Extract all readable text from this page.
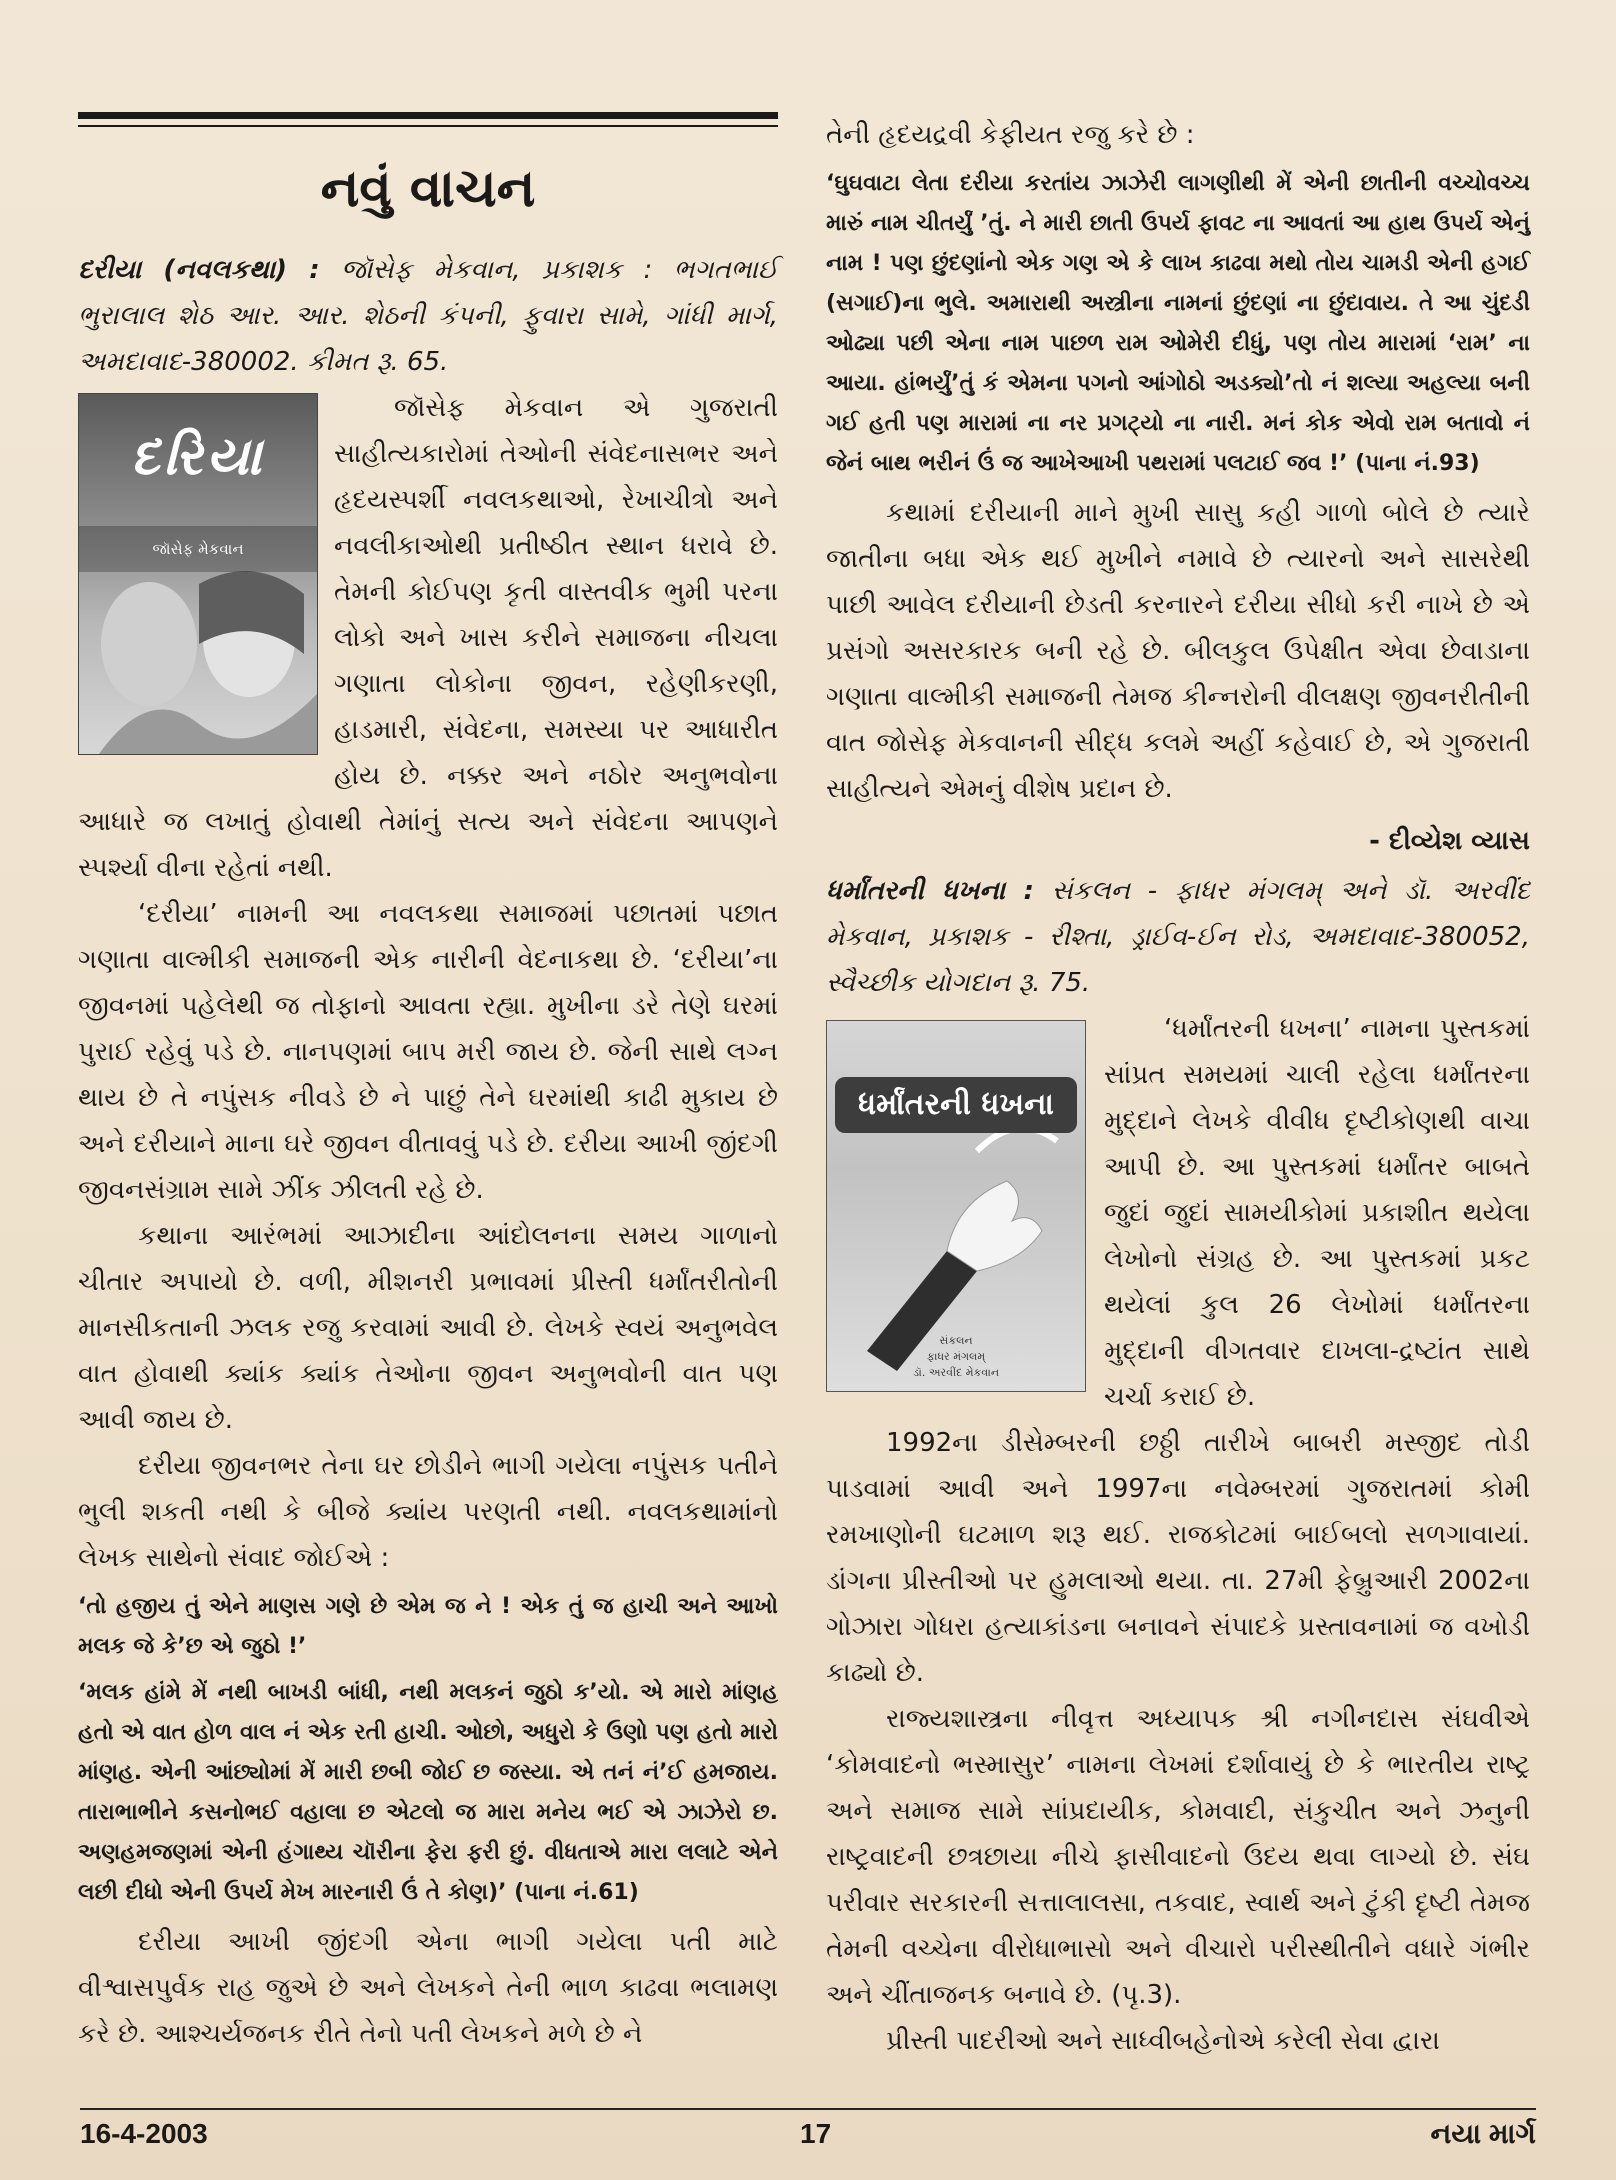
નવું વાચન

દરીયા (નવલકથા) : જૉસેફ મેકવાન, પ્રકાશક : ભગતભાઈ ભુરાલાલ શેઠ આર. આર. શેઠની કંપની, ફુવારા સામે, ગાંધી માર્ગ, અમદાવાદ-380002. કીમત રૂ. 65.

દરિયા
જૉસેફ મેકવાન

જૉસેફ મેકવાન એ ગુજરાતી સાહીત્યકારોમાં તેઓની સંવેદનાસભર અને હૃદયસ્પર્શી નવલકથાઓ, રેખાચીત્રો અને નવલીકાઓથી પ્રતીષ્ઠીત સ્થાન ધરાવે છે. તેમની કોઈપણ કૃતી વાસ્તવીક ભુમી પરના લોકો અને ખાસ કરીને સમાજના નીચલા ગણાતા લોકોના જીવન, રહેણીકરણી, હાડમારી, સંવેદના, સમસ્યા પર આધારીત હોય છે. નક્કર અને નઠોર અનુભવોના આધારે જ લખાતું હોવાથી તેમાંનું સત્ય અને સંવેદના આપણને સ્પર્શ્યા વીના રહેતાં નથી.

‘દરીયા’ નામની આ નવલકથા સમાજમાં પછાતમાં પછાત ગણાતા વાલ્મીકી સમાજની એક નારીની વેદનાકથા છે. ‘દરીયા’ના જીવનમાં પહેલેથી જ તોફાનો આવતા રહ્યા. મુખીના ડરે તેણે ઘરમાં પુરાઈ રહેવું પડે છે. નાનપણમાં બાપ મરી જાય છે. જેની સાથે લગ્ન થાય છે તે નપુંસક નીવડે છે ને પાછું તેને ઘરમાંથી કાઢી મુકાય છે અને દરીયાને માના ઘરે જીવન વીતાવવું પડે છે. દરીયા આખી જીંદગી જીવનસંગ્રામ સામે ઝીંક ઝીલતી રહે છે.

કથાના આરંભમાં આઝાદીના આંદોલનના સમય ગાળાનો ચીતાર અપાયો છે. વળી, મીશનરી પ્રભાવમાં પ્રીસ્તી ધર્માંતરીતોની માનસીકતાની ઝલક રજુ કરવામાં આવી છે. લેખકે સ્વયં અનુભવેલ વાત હોવાથી ક્યાંક ક્યાંક તેઓના જીવન અનુભવોની વાત પણ આવી જાય છે.

દરીયા જીવનભર તેના ઘર છોડીને ભાગી ગયેલા નપુંસક પતીને ભુલી શકતી નથી કે બીજે ક્યાંય પરણતી નથી. નવલકથામાંનો લેખક સાથેનો સંવાદ જોઈએ :

‘તો હજીય તું એને માણસ ગણે છે એમ જ ને ! એક તું જ હાચી અને આખો મલક જે કે’છ એ જુઠો !’

‘મલક હાંમે મેં નથી બાખડી બાંધી, નથી મલકનં જુઠો ક’યો. એ મારો માંણહ હતો એ વાત હોળ વાલ નં એક રતી હાચી. ઓછો, અધુરો કે ઉણો પણ હતો મારો માંણહ. એની આંછ્યોમાં મેં મારી છબી જોઈ છ જસ્યા. એ તનં નં’ઈ હમજાય. તારાભાભીને કસનોભઈ વહાલા છ એટલો જ મારા મનેય ભઈ એ ઝાઝેરો છ. અણહમજણમાં એની હંગાથ્ય ચૉરીના ફેરા ફરી છું. વીધતાએ મારા લલાટે એને લછી દીધો એની ઉપર્ય મેખ મારનારી ઉં તે કોણ)’ (પાના નં.61)

દરીયા આખી જીંદગી એના ભાગી ગયેલા પતી માટે વીશ્વાસપુર્વક રાહ જુએ છે અને લેખકને તેની ભાળ કાઢવા ભલામણ કરે છે. આશ્ચર્યજનક રીતે તેનો પતી લેખકને મળે છે ને

તેની હૃદયદ્રવી કેફીયત રજુ કરે છે :

‘ઘુઘવાટા લેતા દરીયા કરતાંય ઝાઝેરી લાગણીથી મેં એની છાતીની વચ્ચોવચ્ચ મારું નામ ચીતર્યું ’તું. ને મારી છાતી ઉપર્ય ફાવટ ના આવતાં આ હાથ ઉપર્ય એનું નામ ! પણ છુંદણાંનો એક ગણ એ કે લાખ કાઢવા મથો તોય ચામડી એની હગઈ (સગાઈ)ના ભુલે. અમારાથી અસ્ત્રીના નામનાં છુંદણાં ના છુંદાવાય. તે આ ચુંદડી ઓઢ્યા પછી એના નામ પાછળ રામ ઓમેરી દીધું, પણ તોય મારામાં ‘રામ’ ના આયા. હાંભર્યું’તું કં એમના પગનો આંગોઠો અડક્યો’તો નં શલ્યા અહલ્યા બની ગઈ હતી પણ મારામાં ના નર પ્રગટ્યો ના નારી. મનં કોક એવો રામ બતાવો નં જેનં બાથ ભરીનં ઉં જ આખેઆખી પથરામાં પલટાઈ જવ !’ (પાના નં.93)

કથામાં દરીયાની માને મુખી સાસુ કહી ગાળો બોલે છે ત્યારે જાતીના બધા એક થઈ મુખીને નમાવે છે ત્યારનો અને સાસરેથી પાછી આવેલ દરીયાની છેડતી કરનારને દરીયા સીધો કરી નાખે છે એ પ્રસંગો અસરકારક બની રહે છે. બીલકુલ ઉપેક્ષીત એવા છેવાડાના ગણાતા વાલ્મીકી સમાજની તેમજ કીન્નરોની વીલક્ષણ જીવનરીતીની વાત જોસેફ મેકવાનની સીદ્ધ કલમે અહીં કહેવાઈ છે, એ ગુજરાતી સાહીત્યને એમનું વીશેષ પ્રદાન છે.

- દીવ્યેશ વ્યાસ

ધર્માંતરની ધખના : સંકલન - ફાધર મંગલમ્ અને ડૉ. અરવીંદ મેકવાન, પ્રકાશક - રીશ્તા, ડ્રાઈવ-ઈન રોડ, અમદાવાદ-380052, સ્વૈચ્છીક યોગદાન રૂ. 75.

ધર્માંતરની ધખના
સંકલન
ફાધર મંગલમ્
ડૉ. અરવીંદ મેકવાન

‘ધર્માંતરની ધખના’ નામના પુસ્તકમાં સાંપ્રત સમયમાં ચાલી રહેલા ધર્માંતરના મુદ્દાને લેખકે વીવીધ દૃષ્ટીકોણથી વાચા આપી છે. આ પુસ્તકમાં ધર્માંતર બાબતે જુદાં જુદાં સામયીકોમાં પ્રકાશીત થયેલા લેખોનો સંગ્રહ છે. આ પુસ્તકમાં પ્રકટ થયેલાં કુલ 26 લેખોમાં ધર્માંતરના મુદ્દાની વીગતવાર દાખલા-દ્રષ્ટાંત સાથે ચર્ચા કરાઈ છે.

1992ના ડીસેમ્બરની છઠ્ઠી તારીખે બાબરી મસ્જીદ તોડી પાડવામાં આવી અને 1997ના નવેમ્બરમાં ગુજરાતમાં કોમી રમખાણોની ઘટમાળ શરૂ થઈ. રાજકોટમાં બાઈબલો સળગાવાયાં. ડાંગના પ્રીસ્તીઓ પર હુમલાઓ થયા. તા. 27મી ફેબ્રુઆરી 2002ના ગોઝારા ગોધરા હત્યાકાંડના બનાવને સંપાદકે પ્રસ્તાવનામાં જ વખોડી કાઢ્યો છે.

રાજ્યશાસ્ત્રના નીવૃત્ત અધ્યાપક શ્રી નગીનદાસ સંઘવીએ ‘કોમવાદનો ભસ્માસુર’ નામના લેખમાં દર્શાવાયું છે કે ભારતીય રાષ્ટ્ર અને સમાજ સામે સાંપ્રદાયીક, કોમવાદી, સંકુચીત અને ઝનુની રાષ્ટ્રવાદની છત્રછાયા નીચે ફાસીવાદનો ઉદય થવા લાગ્યો છે. સંઘ પરીવાર સરકારની સત્તાલાલસા, તકવાદ, સ્વાર્થ અને ટુંકી દૃષ્ટી તેમજ તેમની વચ્ચેના વીરોધાભાસો અને વીચારો પરીસ્થીતીને વધારે ગંભીર અને ચીંતાજનક બનાવે છે. (પૃ.3).

પ્રીસ્તી પાદરીઓ અને સાધ્વીબહેનોએ કરેલી સેવા દ્વારા

16-4-2003	17	નયા માર્ગ
